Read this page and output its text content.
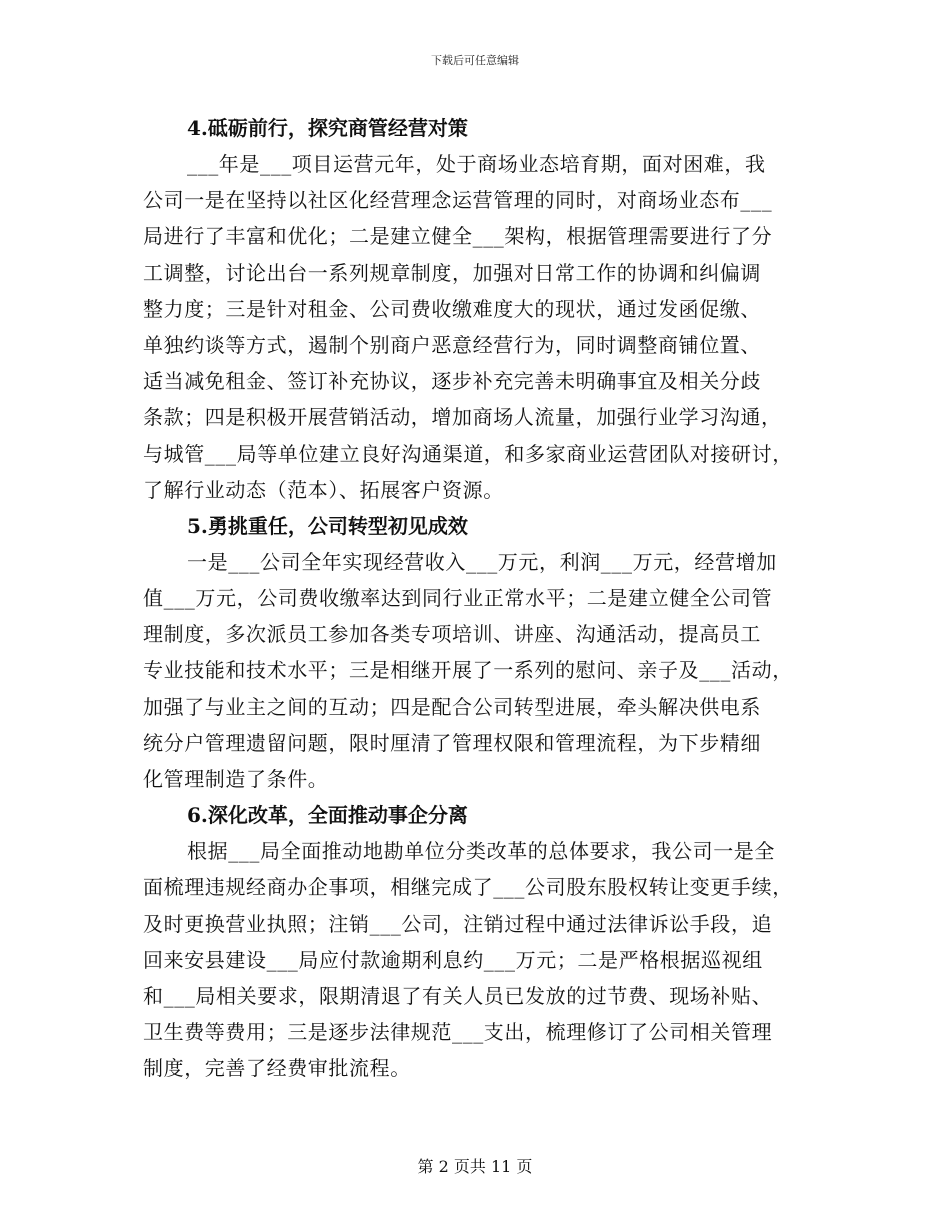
下载后可任意编辑
4.砥砺前行，探究商管经营对策
___年是___项目运营元年，处于商场业态培育期，面对困难，我
公司一是在坚持以社区化经营理念运营管理的同时，对商场业态布___
局进行了丰富和优化；二是建立健全___架构，根据管理需要进行了分
工调整，讨论出台一系列规章制度，加强对日常工作的协调和纠偏调
整力度；三是针对租金、公司费收缴难度大的现状，通过发函促缴、
单独约谈等方式，遏制个别商户恶意经营行为，同时调整商铺位置、
适当减免租金、签订补充协议，逐步补充完善未明确事宜及相关分歧
条款；四是积极开展营销活动，增加商场人流量，加强行业学习沟通，
与城管___局等单位建立良好沟通渠道，和多家商业运营团队对接研讨，
了解行业动态（范本）、拓展客户资源。
5.勇挑重任，公司转型初见成效
一是___公司全年实现经营收入___万元，利润___万元，经营增加
值___万元，公司费收缴率达到同行业正常水平；二是建立健全公司管
理制度，多次派员工参加各类专项培训、讲座、沟通活动，提高员工
专业技能和技术水平；三是相继开展了一系列的慰问、亲子及___活动，
加强了与业主之间的互动；四是配合公司转型进展，牵头解决供电系
统分户管理遗留问题，限时厘清了管理权限和管理流程，为下步精细
化管理制造了条件。
6.深化改革，全面推动事企分离
根据___局全面推动地勘单位分类改革的总体要求，我公司一是全
面梳理违规经商办企事项，相继完成了___公司股东股权转让变更手续，
及时更换营业执照；注销___公司，注销过程中通过法律诉讼手段，追
回来安县建设___局应付款逾期利息约___万元；二是严格根据巡视组
和___局相关要求，限期清退了有关人员已发放的过节费、现场补贴、
卫生费等费用；三是逐步法律规范___支出，梳理修订了公司相关管理
制度，完善了经费审批流程。
第 2 页共 11 页
